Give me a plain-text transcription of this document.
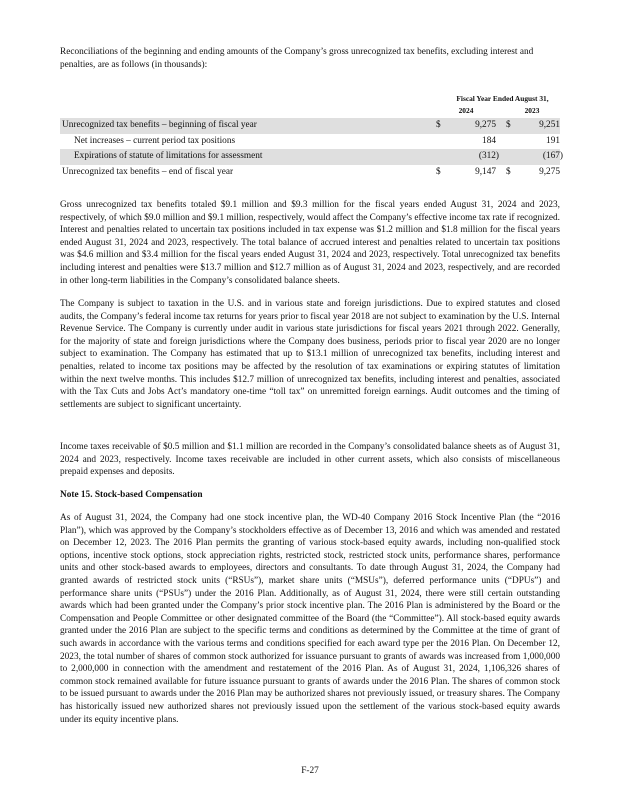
Reconciliations of the beginning and ending amounts of the Company’s gross unrecognized tax benefits, excluding interest and penalties, are as follows (in thousands):

Fiscal Year Ended August 31,
2024	2023
Unrecognized tax benefits – beginning of fiscal year	$	9,275 $	9,251
Net increases – current period tax positions	184	191
Expirations of statute of limitations for assessment	(312)	(167)
Unrecognized tax benefits – end of fiscal year	$	9,147 $	9,275

Gross unrecognized tax benefits totaled $9.1 million and $9.3 million for the fiscal years ended August 31, 2024 and 2023, respectively, of which $9.0 million and $9.1 million, respectively, would affect the Company’s effective income tax rate if recognized. Interest and penalties related to uncertain tax positions included in tax expense was $1.2 million and $1.8 million for the fiscal years ended August 31, 2024 and 2023, respectively. The total balance of accrued interest and penalties related to uncertain tax positions was $4.6 million and $3.4 million for the fiscal years ended August 31, 2024 and 2023, respectively. Total unrecognized tax benefits including interest and penalties were $13.7 million and $12.7 million as of August 31, 2024 and 2023, respectively, and are recorded in other long-term liabilities in the Company’s consolidated balance sheets.

The Company is subject to taxation in the U.S. and in various state and foreign jurisdictions. Due to expired statutes and closed audits, the Company’s federal income tax returns for years prior to fiscal year 2018 are not subject to examination by the U.S. Internal Revenue Service. The Company is currently under audit in various state jurisdictions for fiscal years 2021 through 2022. Generally, for the majority of state and foreign jurisdictions where the Company does business, periods prior to fiscal year 2020 are no longer subject to examination. The Company has estimated that up to $13.1 million of unrecognized tax benefits, including interest and penalties, related to income tax positions may be affected by the resolution of tax examinations or expiring statutes of limitation within the next twelve months. This includes $12.7 million of unrecognized tax benefits, including interest and penalties, associated with the Tax Cuts and Jobs Act’s mandatory one-time “toll tax” on unremitted foreign earnings. Audit outcomes and the timing of settlements are subject to significant uncertainty.

Income taxes receivable of $0.5 million and $1.1 million are recorded in the Company’s consolidated balance sheets as of August 31, 2024 and 2023, respectively. Income taxes receivable are included in other current assets, which also consists of miscellaneous prepaid expenses and deposits.

Note 15. Stock-based Compensation

As of August 31, 2024, the Company had one stock incentive plan, the WD-40 Company 2016 Stock Incentive Plan (the “2016 Plan”), which was approved by the Company’s stockholders effective as of December 13, 2016 and which was amended and restated on December 12, 2023. The 2016 Plan permits the granting of various stock-based equity awards, including non-qualified stock options, incentive stock options, stock appreciation rights, restricted stock, restricted stock units, performance shares, performance units and other stock-based awards to employees, directors and consultants. To date through August 31, 2024, the Company had granted awards of restricted stock units (“RSUs”), market share units (“MSUs”), deferred performance units (“DPUs”) and performance share units (“PSUs”) under the 2016 Plan. Additionally, as of August 31, 2024, there were still certain outstanding awards which had been granted under the Company’s prior stock incentive plan. The 2016 Plan is administered by the Board or the Compensation and People Committee or other designated committee of the Board (the “Committee”). All stock-based equity awards granted under the 2016 Plan are subject to the specific terms and conditions as determined by the Committee at the time of grant of such awards in accordance with the various terms and conditions specified for each award type per the 2016 Plan. On December 12, 2023, the total number of shares of common stock authorized for issuance pursuant to grants of awards was increased from 1,000,000 to 2,000,000 in connection with the amendment and restatement of the 2016 Plan. As of August 31, 2024, 1,106,326 shares of common stock remained available for future issuance pursuant to grants of awards under the 2016 Plan. The shares of common stock to be issued pursuant to awards under the 2016 Plan may be authorized shares not previously issued, or treasury shares. The Company has historically issued new authorized shares not previously issued upon the settlement of the various stock-based equity awards under its equity incentive plans.

F-27
